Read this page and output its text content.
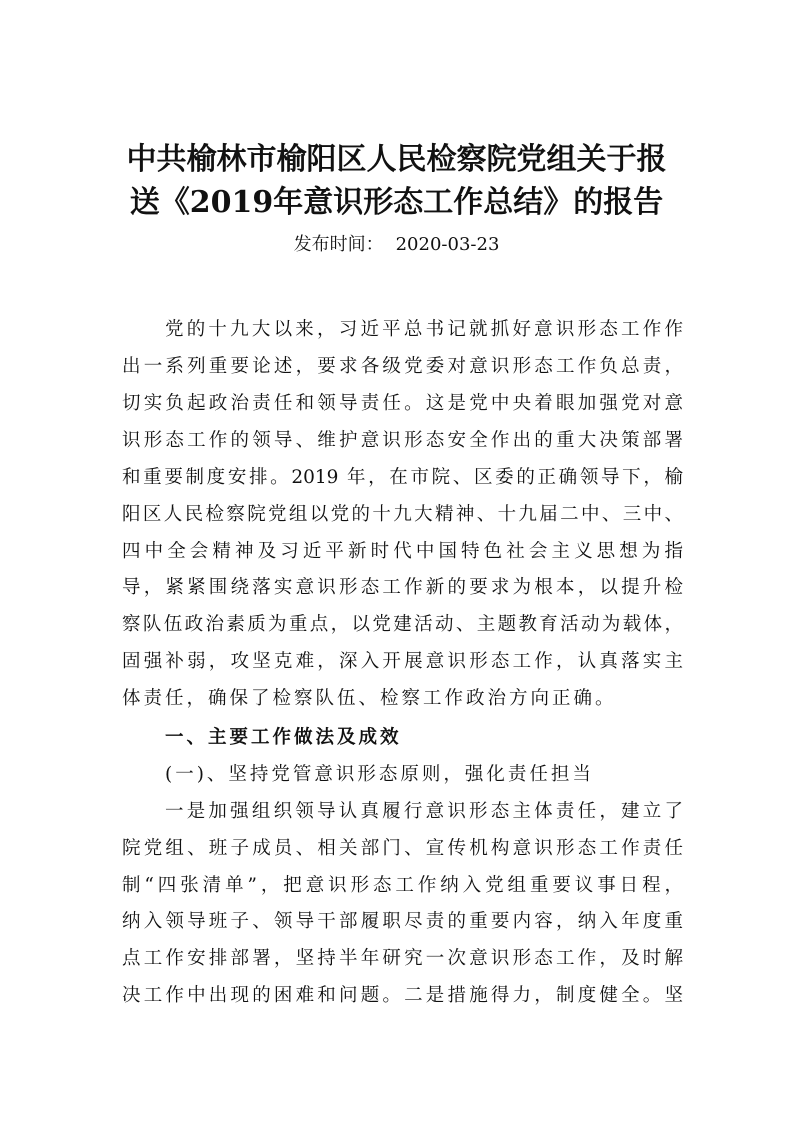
中共榆林市榆阳区人民检察院党组关于报
送《2019年意识形态工作总结》的报告
发布时间： 2020-03-23
党的十九大以来，习近平总书记就抓好意识形态工作作
出一系列重要论述，要求各级党委对意识形态工作负总责，
切实负起政治责任和领导责任。这是党中央着眼加强党对意
识形态工作的领导、维护意识形态安全作出的重大决策部署
和重要制度安排。2019 年，在市院、区委的正确领导下，榆
阳区人民检察院党组以党的十九大精神、十九届二中、三中、
四中全会精神及习近平新时代中国特色社会主义思想为指
导，紧紧围绕落实意识形态工作新的要求为根本，以提升检
察队伍政治素质为重点，以党建活动、主题教育活动为载体，
固强补弱，攻坚克难，深入开展意识形态工作，认真落实主
体责任，确保了检察队伍、检察工作政治方向正确。
一、主要工作做法及成效
(一)、坚持党管意识形态原则，强化责任担当
一是加强组织领导认真履行意识形态主体责任，建立了
院党组、班子成员、相关部门、宣传机构意识形态工作责任
制“四张清单”，把意识形态工作纳入党组重要议事日程，
纳入领导班子、领导干部履职尽责的重要内容，纳入年度重
点工作安排部署，坚持半年研究一次意识形态工作，及时解
决工作中出现的困难和问题。二是措施得力，制度健全。坚
